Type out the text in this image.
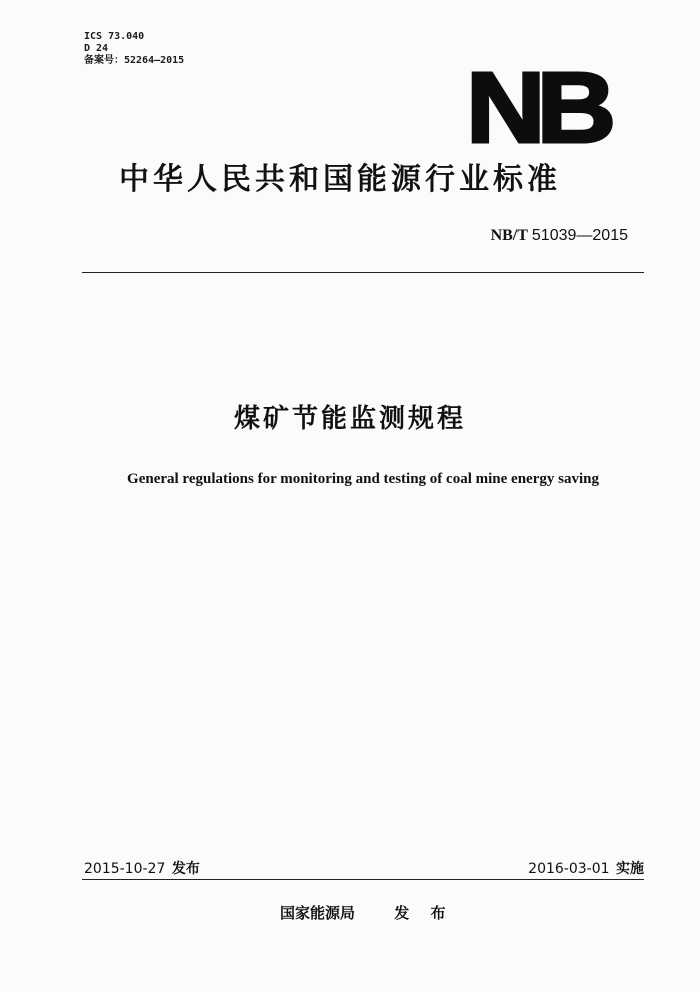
ICS 73.040
D 24
备案号：52264—2015	NB
中华人民共和国能源行业标准
NB/T 51039—2015
煤矿节能监测规程
General regulations for monitoring and testing of coal mine energy saving
2015-10-27 发布	2016-03-01 实施
国家能源局	发 布
